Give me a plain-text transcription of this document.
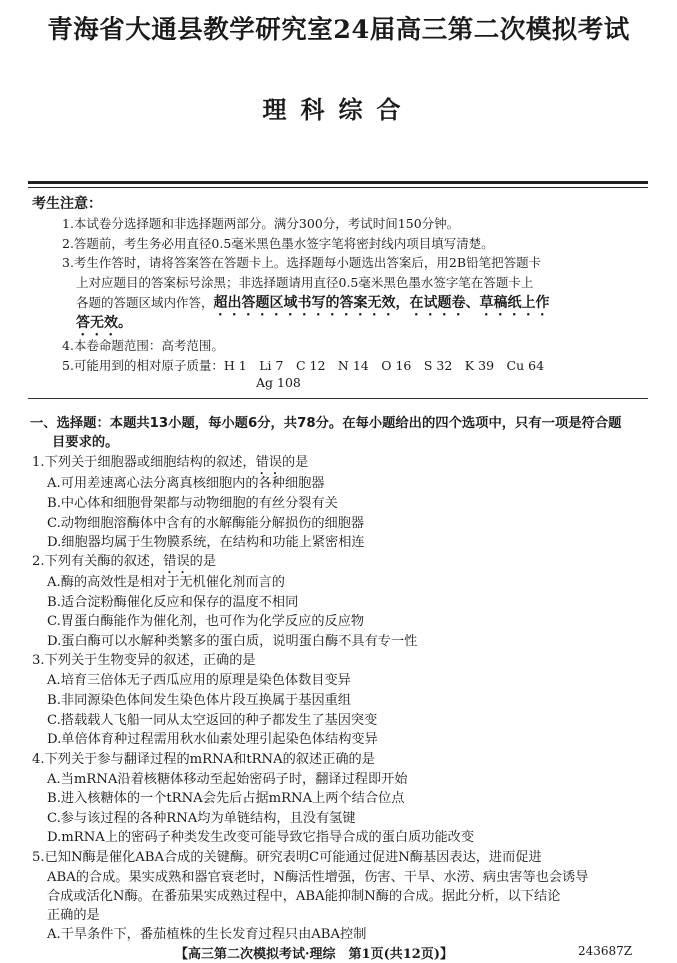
青海省大通县教学研究室24届高三第二次模拟考试
理科综合
考生注意：
1.本试卷分选择题和非选择题两部分。满分300分，考试时间150分钟。
2.答题前，考生务必用直径0.5毫米黑色墨水签字笔将密封线内项目填写清楚。
3.考生作答时，请将答案答在答题卡上。选择题每小题选出答案后，用2B铅笔把答题卡
上对应题目的答案标号涂黑；非选择题请用直径0.5毫米黑色墨水签字笔在答题卡上
各题的答题区域内作答，超出答题区域书写的答案无效，在试题卷、草稿纸上作
答无效。
4.本卷命题范围：高考范围。
5.可能用到的相对原子质量：H 1　Li 7　C 12　N 14　O 16　S 32　K 39　Cu 64
Ag 108
一、选择题：本题共13小题，每小题6分，共78分。在每小题给出的四个选项中，只有一项是符合题
目要求的。
1.下列关于细胞器或细胞结构的叙述，错误的是
A.可用差速离心法分离真核细胞内的各种细胞器
B.中心体和细胞骨架都与动物细胞的有丝分裂有关
C.动物细胞溶酶体中含有的水解酶能分解损伤的细胞器
D.细胞器均属于生物膜系统，在结构和功能上紧密相连
2.下列有关酶的叙述，错误的是
A.酶的高效性是相对于无机催化剂而言的
B.适合淀粉酶催化反应和保存的温度不相同
C.胃蛋白酶能作为催化剂，也可作为化学反应的反应物
D.蛋白酶可以水解种类繁多的蛋白质，说明蛋白酶不具有专一性
3.下列关于生物变异的叙述，正确的是
A.培育三倍体无子西瓜应用的原理是染色体数目变异
B.非同源染色体间发生染色体片段互换属于基因重组
C.搭载载人飞船一同从太空返回的种子都发生了基因突变
D.单倍体育种过程需用秋水仙素处理引起染色体结构变异
4.下列关于参与翻译过程的mRNA和tRNA的叙述正确的是
A.当mRNA沿着核糖体移动至起始密码子时，翻译过程即开始
B.进入核糖体的一个tRNA会先后占据mRNA上两个结合位点
C.参与该过程的各种RNA均为单链结构，且没有氢键
D.mRNA上的密码子种类发生改变可能导致它指导合成的蛋白质功能改变
5.已知N酶是催化ABA合成的关键酶。研究表明C可能通过促进N酶基因表达，进而促进
ABA的合成。果实成熟和器官衰老时，N酶活性增强，伤害、干旱、水涝、病虫害等也会诱导
合成或活化N酶。在番茄果实成熟过程中，ABA能抑制N酶的合成。据此分析，以下结论
正确的是
A.干旱条件下，番茄植株的生长发育过程只由ABA控制
【高三第二次模拟考试·理综　第1页(共12页)】	243687Z
